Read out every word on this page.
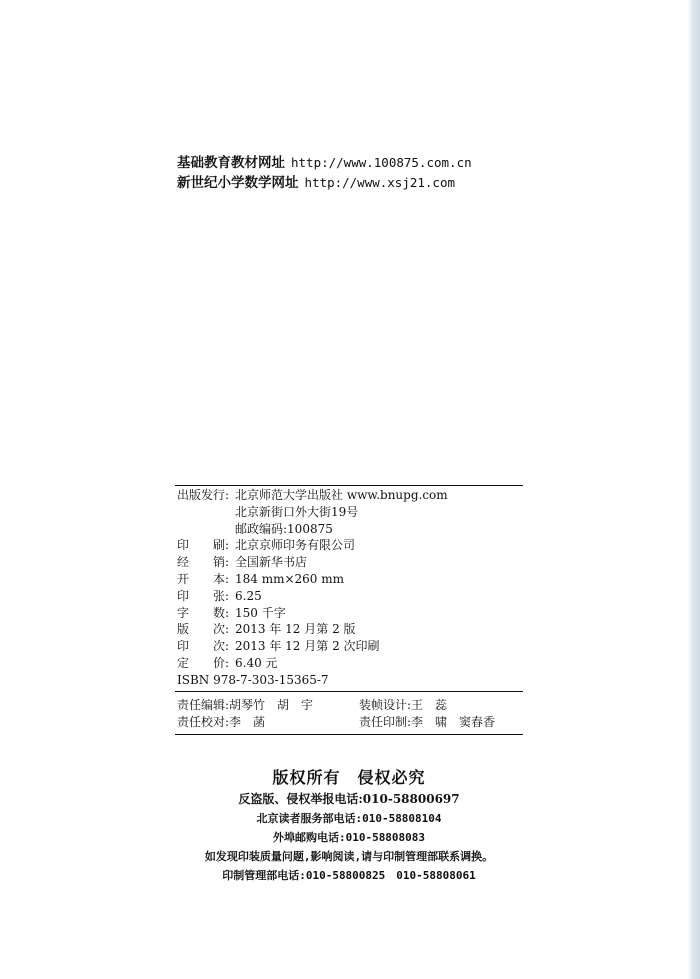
基础教育教材网址 http://www.100875.com.cn
新世纪小学数学网址 http://www.xsj21.com
出版发行: 北京师范大学出版社 www.bnupg.com
北京新街口外大街19号
邮政编码:100875
印　　刷: 北京京师印务有限公司
经　　销: 全国新华书店
开　　本: 184 mm×260 mm
印　　张: 6.25
字　　数: 150 千字
版　　次: 2013 年 12 月第 2 版
印　　次: 2013 年 12 月第 2 次印刷
定　　价: 6.40 元
ISBN 978-7-303-15365-7
责任编辑:胡琴竹　胡　宇	装帧设计:王　蕊
责任校对:李　菡	责任印制:李　啸　窦春香
版权所有　侵权必究
反盗版、侵权举报电话:010-58800697
北京读者服务部电话:010-58808104
外埠邮购电话:010-58808083
如发现印装质量问题,影响阅读,请与印制管理部联系调换。
印制管理部电话:010-58800825　010-58808061
